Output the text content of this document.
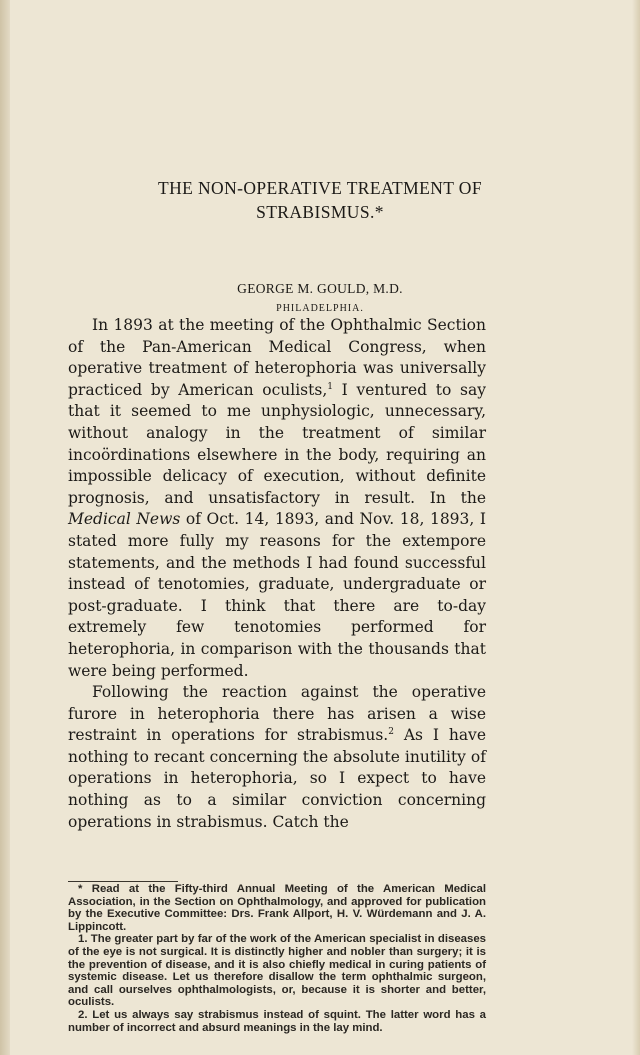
THE NON-OPERATIVE TREATMENT OF
STRABISMUS.*
GEORGE M. GOULD, M.D.
PHILADELPHIA.

In 1893 at the meeting of the Ophthalmic Section of the Pan-American Medical Congress, when operative treatment of heterophoria was universally practiced by American oculists,$^1$ I ventured to say that it seemed to me unphysiologic, unnecessary, without analogy in the treatment of similar incoördinations elsewhere in the body, requiring an impossible delicacy of execution, without definite prognosis, and unsatisfactory in result. In the Medical News of Oct. 14, 1893, and Nov. 18, 1893, I stated more fully my reasons for the extempore statements, and the methods I had found successful instead of tenotomies, graduate, undergraduate or post-graduate. I think that there are to-day extremely few tenotomies performed for heterophoria, in comparison with the thousands that were being performed.

Following the reaction against the operative furore in heterophoria there has arisen a wise restraint in operations for strabismus.$^2$ As I have nothing to recant concerning the absolute inutility of operations in heterophoria, so I expect to have nothing as to a similar conviction concerning operations in strabismus. Catch the

* Read at the Fifty-third Annual Meeting of the American Medical Association, in the Section on Ophthalmology, and approved for publication by the Executive Committee: Drs. Frank Allport, H. V. Würdemann and J. A. Lippincott.

1. The greater part by far of the work of the American specialist in diseases of the eye is not surgical. It is distinctly higher and nobler than surgery; it is the prevention of disease, and it is also chiefly medical in curing patients of systemic disease. Let us therefore disallow the term ophthalmic surgeon, and call ourselves ophthalmologists, or, because it is shorter and better, oculists.

2. Let us always say strabismus instead of squint. The latter word has a number of incorrect and absurd meanings in the lay mind.
